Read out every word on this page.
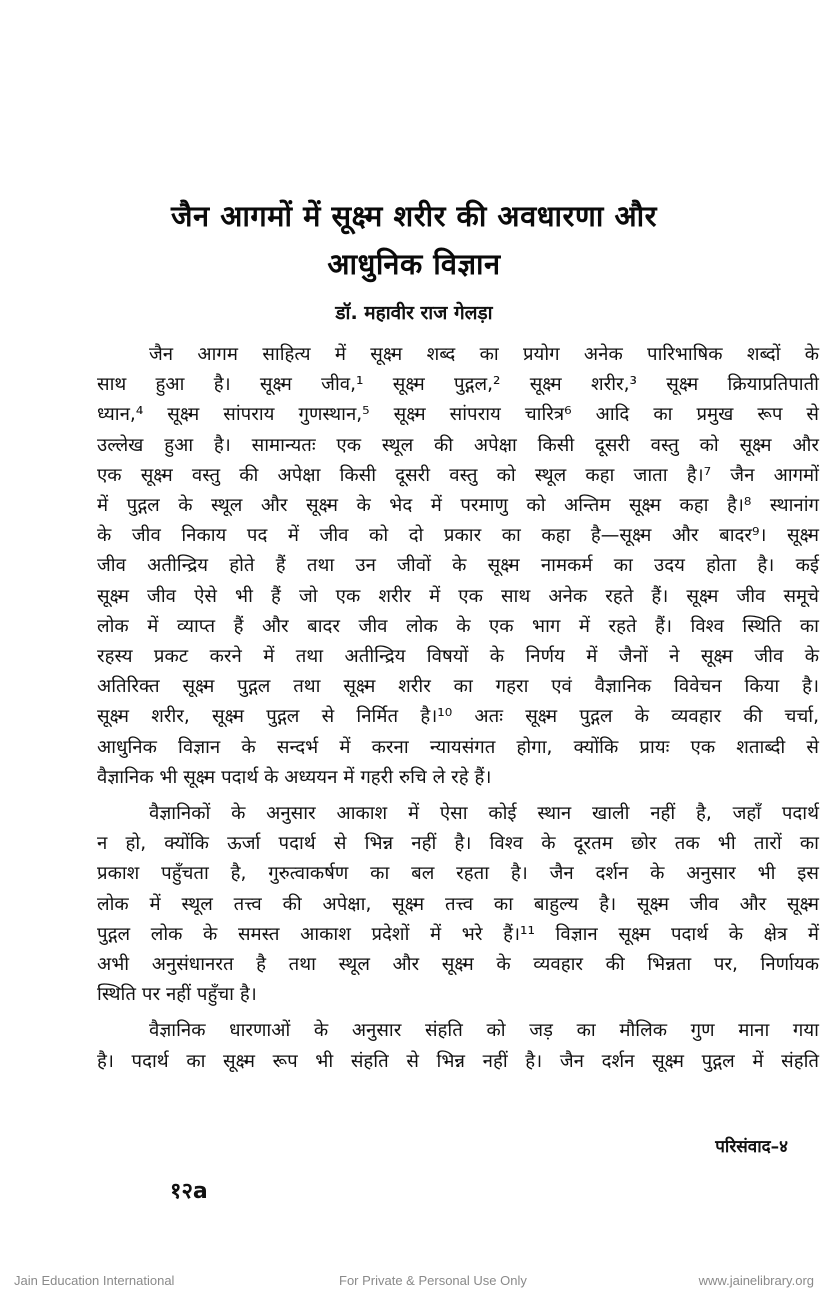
जैन आगमों में सूक्ष्म शरीर की अवधारणा और
आधुनिक विज्ञान
डॉ. महावीर राज गेलड़ा
जैन आगम साहित्य में सूक्ष्म शब्द का प्रयोग अनेक पारिभाषिक शब्दों के
साथ हुआ है। सूक्ष्म जीव,¹ सूक्ष्म पुद्गल,² सूक्ष्म शरीर,³ सूक्ष्म क्रियाप्रतिपाती
ध्यान,⁴ सूक्ष्म सांपराय गुणस्थान,⁵ सूक्ष्म सांपराय चारित्र⁶ आदि का प्रमुख रूप से
उल्लेख हुआ है। सामान्यतः एक स्थूल की अपेक्षा किसी दूसरी वस्तु को सूक्ष्म और
एक सूक्ष्म वस्तु की अपेक्षा किसी दूसरी वस्तु को स्थूल कहा जाता है।⁷ जैन आगमों
में पुद्गल के स्थूल और सूक्ष्म के भेद में परमाणु को अन्तिम सूक्ष्म कहा है।⁸ स्थानांग
के जीव निकाय पद में जीव को दो प्रकार का कहा है—सूक्ष्म और बादर⁹। सूक्ष्म
जीव अतीन्द्रिय होते हैं तथा उन जीवों के सूक्ष्म नामकर्म का उदय होता है। कई
सूक्ष्म जीव ऐसे भी हैं जो एक शरीर में एक साथ अनेक रहते हैं। सूक्ष्म जीव समूचे
लोक में व्याप्त हैं और बादर जीव लोक के एक भाग में रहते हैं। विश्व स्थिति का
रहस्य प्रकट करने में तथा अतीन्द्रिय विषयों के निर्णय में जैनों ने सूक्ष्म जीव के
अतिरिक्त सूक्ष्म पुद्गल तथा सूक्ष्म शरीर का गहरा एवं वैज्ञानिक विवेचन किया है।
सूक्ष्म शरीर, सूक्ष्म पुद्गल से निर्मित है।¹⁰ अतः सूक्ष्म पुद्गल के व्यवहार की चर्चा,
आधुनिक विज्ञान के सन्दर्भ में करना न्यायसंगत होगा, क्योंकि प्रायः एक शताब्दी से
वैज्ञानिक भी सूक्ष्म पदार्थ के अध्ययन में गहरी रुचि ले रहे हैं।
वैज्ञानिकों के अनुसार आकाश में ऐसा कोई स्थान खाली नहीं है, जहाँ पदार्थ
न हो, क्योंकि ऊर्जा पदार्थ से भिन्न नहीं है। विश्व के दूरतम छोर तक भी तारों का
प्रकाश पहुँचता है, गुरुत्वाकर्षण का बल रहता है। जैन दर्शन के अनुसार भी इस
लोक में स्थूल तत्त्व की अपेक्षा, सूक्ष्म तत्त्व का बाहुल्य है। सूक्ष्म जीव और सूक्ष्म
पुद्गल लोक के समस्त आकाश प्रदेशों में भरे हैं।¹¹ विज्ञान सूक्ष्म पदार्थ के क्षेत्र में
अभी अनुसंधानरत है तथा स्थूल और सूक्ष्म के व्यवहार की भिन्नता पर, निर्णायक
स्थिति पर नहीं पहुँचा है।
वैज्ञानिक धारणाओं के अनुसार संहति को जड़ का मौलिक गुण माना गया
है। पदार्थ का सूक्ष्म रूप भी संहति से भिन्न नहीं है। जैन दर्शन सूक्ष्म पुद्गल में संहति
परिसंवाद–४
१२a
Jain Education International	For Private & Personal Use Only	www.jainelibrary.org
